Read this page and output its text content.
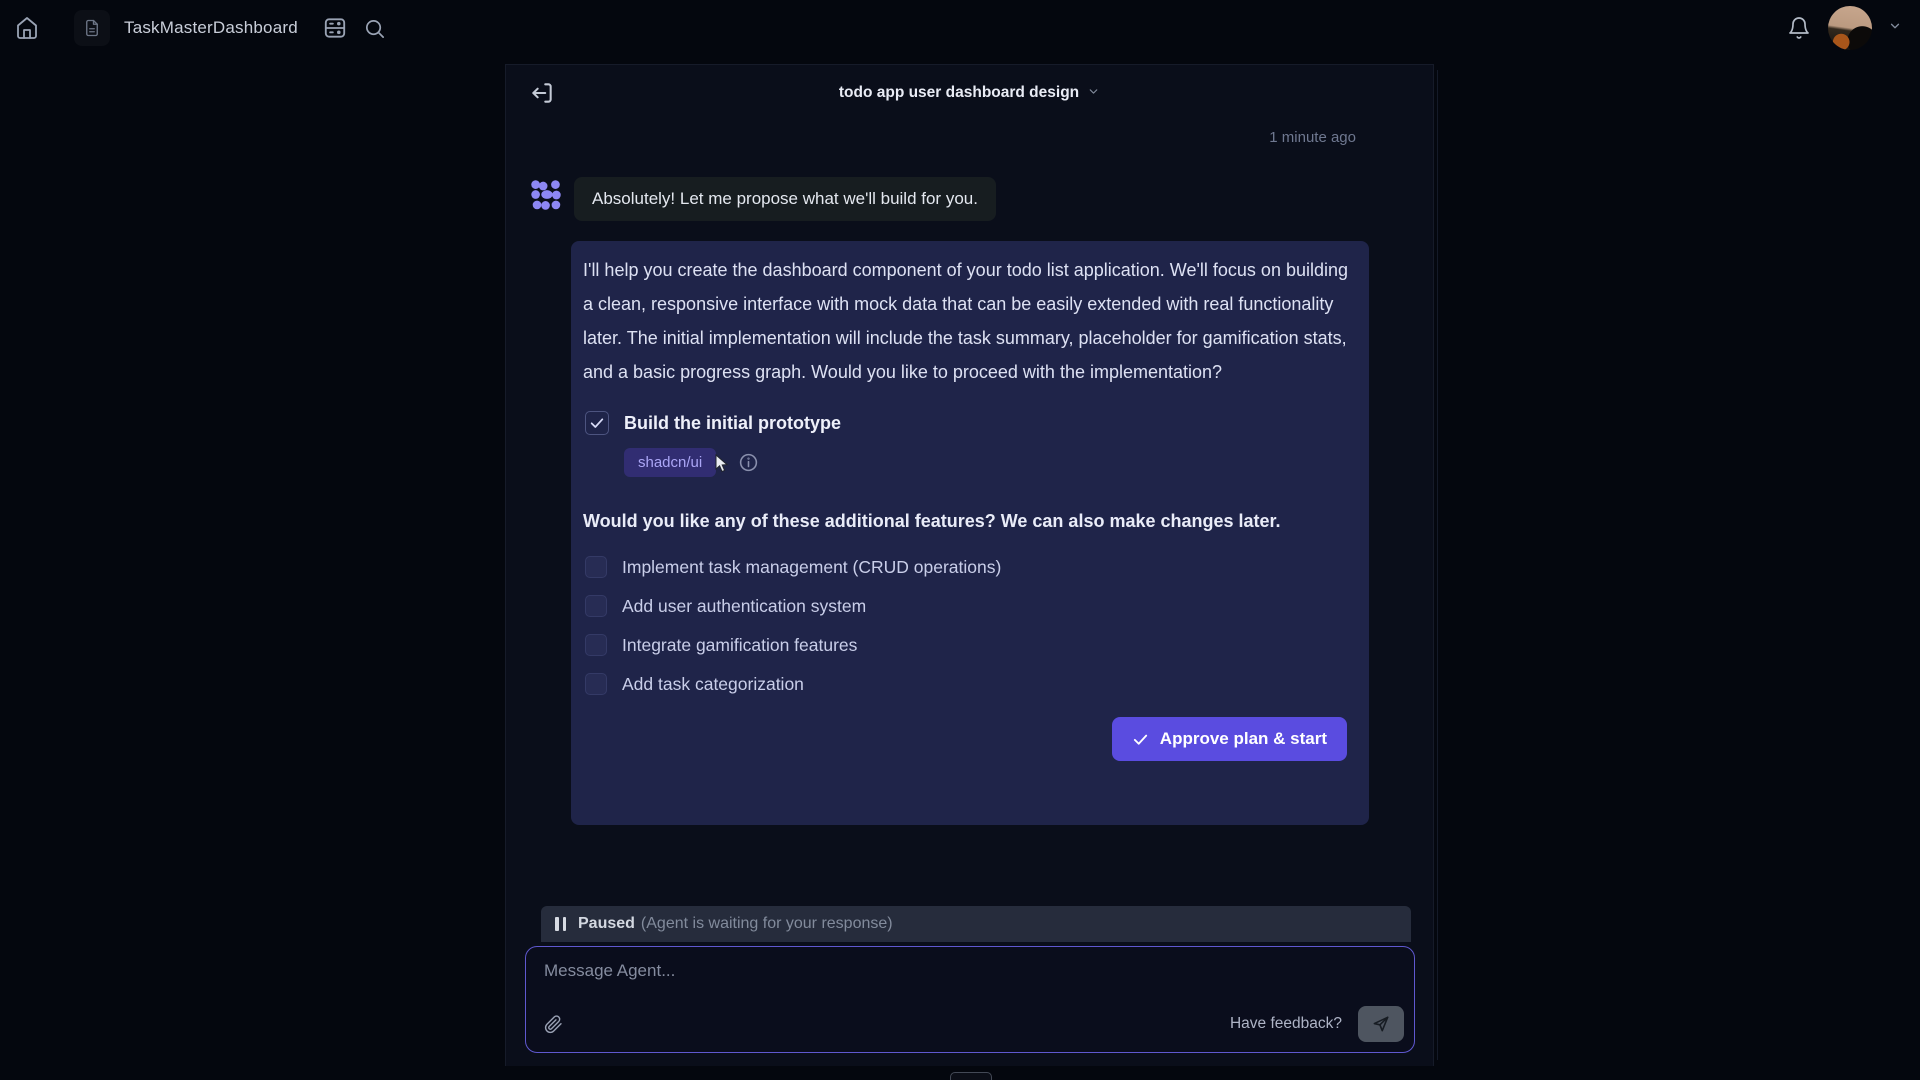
TaskMasterDashboard
todo app user dashboard design
1 minute ago
Absolutely! Let me propose what we'll build for you.

I'll help you create the dashboard component of your todo list application. We'll focus on building a clean, responsive interface with mock data that can be easily extended with real functionality later. The initial implementation will include the task summary, placeholder for gamification stats, and a basic progress graph. Would you like to proceed with the implementation?

Build the initial prototype
shadcn/ui

Would you like any of these additional features? We can also make changes later.

Implement task management (CRUD operations)
Add user authentication system
Integrate gamification features
Add task categorization
Approve plan & start
Paused (Agent is waiting for your response)
Message Agent...
Have feedback?
